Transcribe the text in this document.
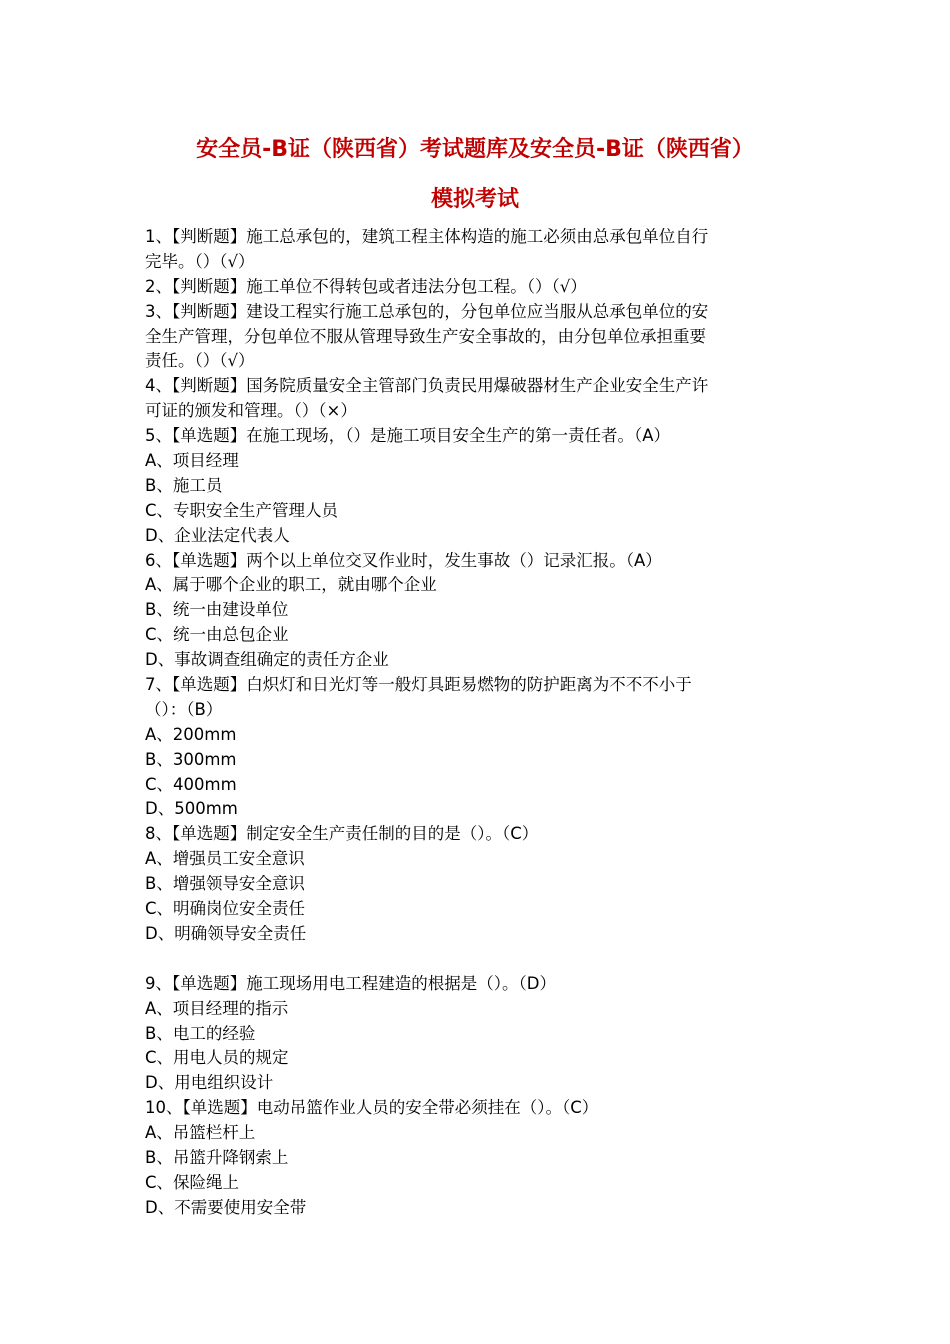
安全员-B证（陕西省）考试题库及安全员-B证（陕西省）
模拟考试
1、【判断题】施工总承包的，建筑工程主体构造的施工必须由总承包单位自行
完毕。（）（√）
2、【判断题】施工单位不得转包或者违法分包工程。（）（√）
3、【判断题】建设工程实行施工总承包的，分包单位应当服从总承包单位的安
全生产管理，分包单位不服从管理导致生产安全事故的，由分包单位承担重要
责任。（）（√）
4、【判断题】国务院质量安全主管部门负责民用爆破器材生产企业安全生产许
可证的颁发和管理。（）（×）
5、【单选题】在施工现场，（）是施工项目安全生产的第一责任者。（A）
A、项目经理
B、施工员
C、专职安全生产管理人员
D、企业法定代表人
6、【单选题】两个以上单位交叉作业时，发生事故（）记录汇报。（A）
A、属于哪个企业的职工，就由哪个企业
B、统一由建设单位
C、统一由总包企业
D、事故调查组确定的责任方企业
7、【单选题】白炽灯和日光灯等一般灯具距易燃物的防护距离为不不不小于
（）：（B）
A、200mm
B、300mm
C、400mm
D、500mm
8、【单选题】制定安全生产责任制的目的是（）。（C）
A、增强员工安全意识
B、增强领导安全意识
C、明确岗位安全责任
D、明确领导安全责任
9、【单选题】施工现场用电工程建造的根据是（）。（D）
A、项目经理的指示
B、电工的经验
C、用电人员的规定
D、用电组织设计
10、【单选题】电动吊篮作业人员的安全带必须挂在（）。（C）
A、吊篮栏杆上
B、吊篮升降钢索上
C、保险绳上
D、不需要使用安全带
